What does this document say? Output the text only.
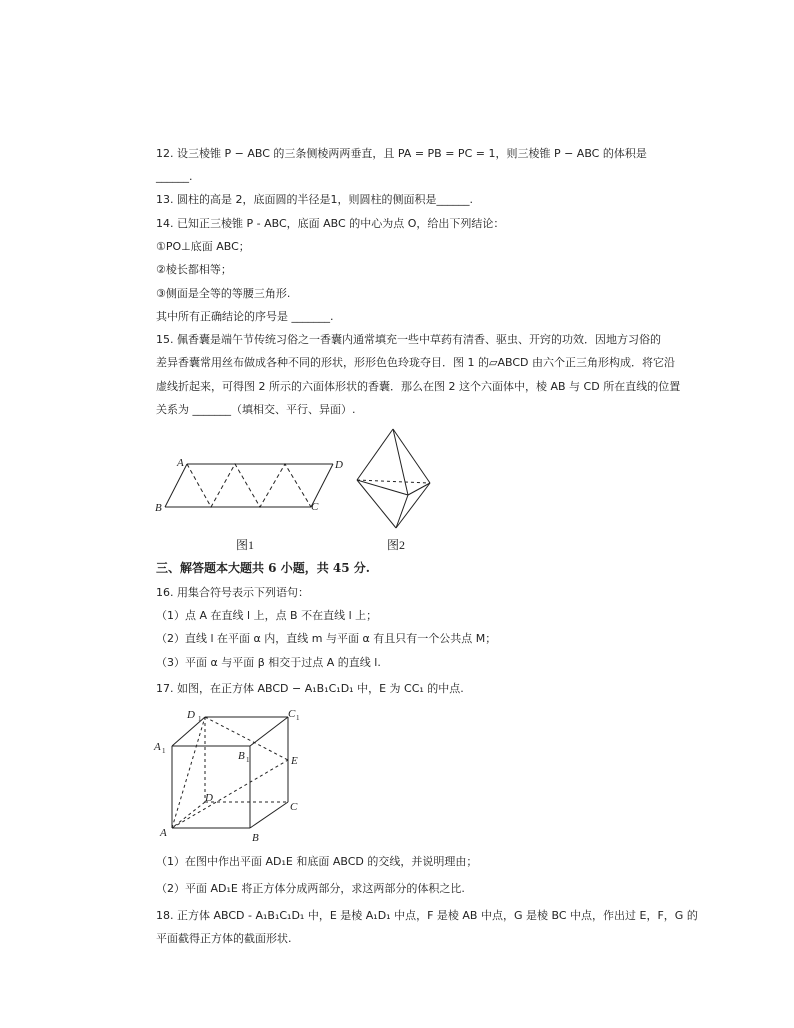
12. 设三棱锥 P − ABC 的三条侧棱两两垂直，且 PA = PB = PC = 1，则三棱锥 P − ABC 的体积是
______.
13. 圆柱的高是 2，底面圆的半径是1，则圆柱的侧面积是______.
14. 已知正三棱锥 P - ABC，底面 ABC 的中心为点 O，给出下列结论：
①PO⊥底面 ABC；
②棱长都相等；
③侧面是全等的等腰三角形.
其中所有正确结论的序号是 _______.
15. 佩香囊是端午节传统习俗之一香囊内通常填充一些中草药有清香、驱虫、开窍的功效．因地方习俗的
差异香囊常用丝布做成各种不同的形状，形形色色玲珑夺目．图 1 的▱ABCD 由六个正三角形构成．将它沿
虚线折起来，可得图 2 所示的六面体形状的香囊．那么在图 2 这个六面体中，棱 AB 与 CD 所在直线的位置
关系为 _______（填相交、平行、异面）.
A	D
B	C
图1	图2
三、解答题本大题共 6 小题，共 45 分.
16. 用集合符号表示下列语句：
（1）点 A 在直线 l 上，点 B 不在直线 l 上；
（2）直线 l 在平面 α 内，直线 m 与平面 α 有且只有一个公共点 M；
（3）平面 α 与平面 β 相交于过点 A 的直线 l.
17. 如图，在正方体 ABCD − A₁B₁C₁D₁ 中，E 为 CC₁ 的中点.
D 1	C 1
A 1	B 1	E
D
C
A	B
（1）在图中作出平面 AD₁E 和底面 ABCD 的交线，并说明理由；
（2）平面 AD₁E 将正方体分成两部分，求这两部分的体积之比.
18. 正方体 ABCD - A₁B₁C₁D₁ 中，E 是棱 A₁D₁ 中点，F 是棱 AB 中点，G 是棱 BC 中点，作出过 E，F，G 的
平面截得正方体的截面形状.
